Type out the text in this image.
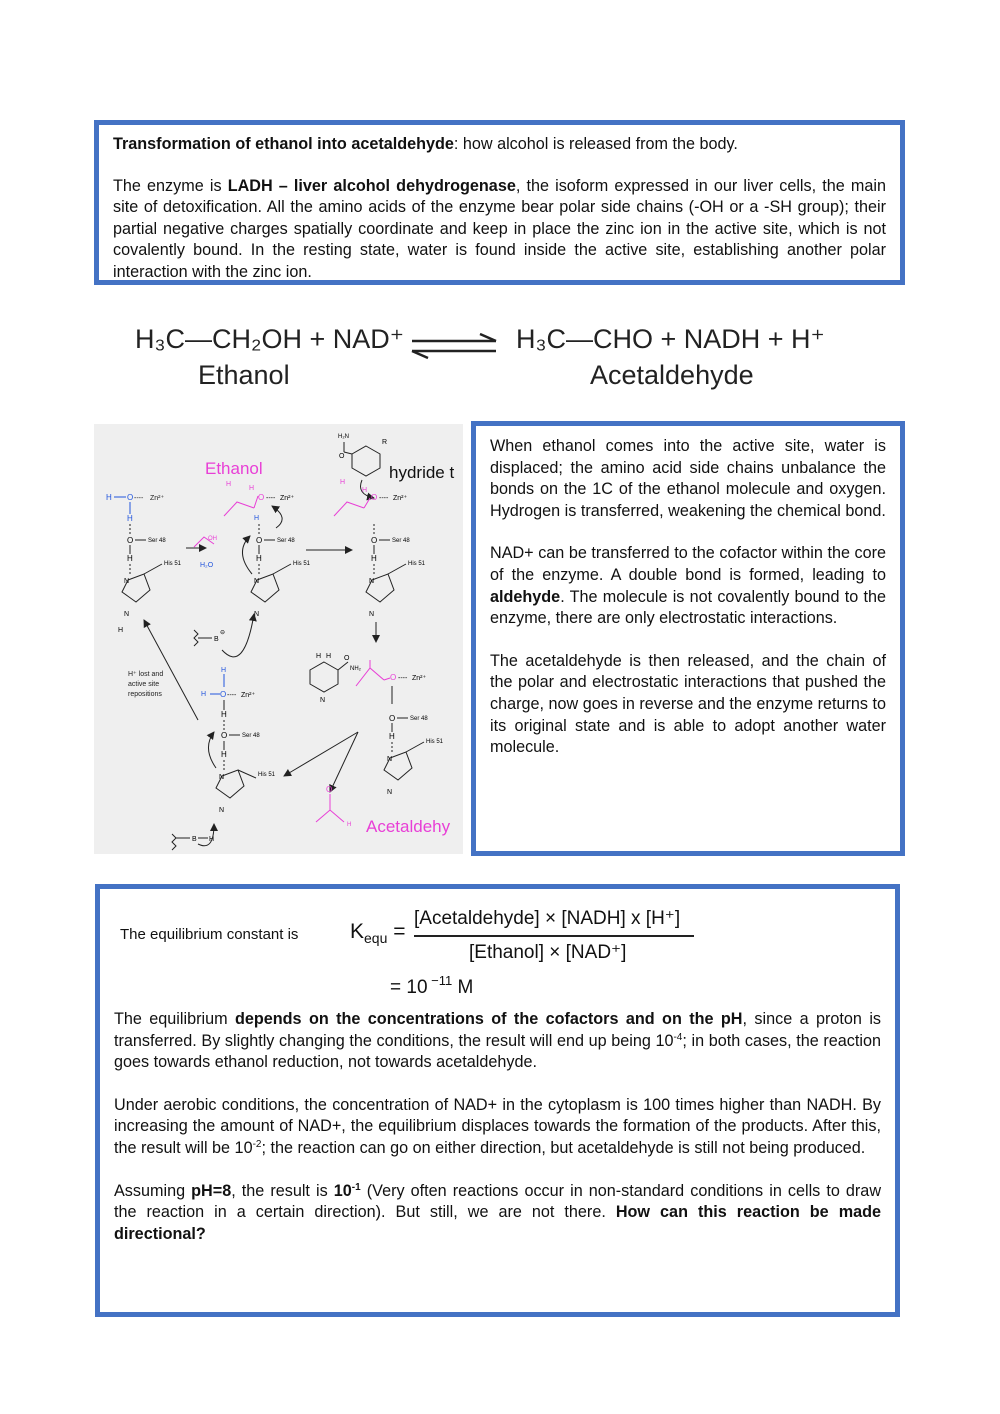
Transformation of ethanol into acetaldehyde: how alcohol is released from the body.

The enzyme is LADH – liver alcohol dehydrogenase, the isoform expressed in our liver cells, the main site of detoxification. All the amino acids of the enzyme bear polar side chains (-OH or a -SH group); their partial negative charges spatially coordinate and keep in place the zinc ion in the active site, which is not covalently bound. In the resting state, water is found inside the active site, establishing another polar interaction with the zinc ion.

H₃C—CH₂OH + NAD⁺	H₃C—CHO + NADH + H⁺
Ethanol	Acetaldehyde
Ethanol	hydride t
Acetaldehy
H O ---- Zn²⁺
H
O Ser 48
H
N
N
H
His 51
OH
H₂O
H
H
O ---- Zn²⁺
H
O Ser 48
H
N
N
His 51
B
⊖
H₂N
O
R
H
H
O ---- Zn²⁺
O Ser 48
H
N
N
His 51
H H O
NH₂
N
O ---- Zn²⁺
O Ser 48
H
N
N
His 51
O
H
H O ---- Zn²⁺
H
H
O Ser 48
H
N
N
His 51
B H
H⁺ lost and
active site
repositions

When ethanol comes into the active site, water is displaced; the amino acid side chains unbalance the bonds on the 1C of the ethanol molecule and oxygen. Hydrogen is transferred, weakening the chemical bond.

NAD+ can be transferred to the cofactor within the core of the enzyme. A double bond is formed, leading to aldehyde. The molecule is not covalently bound to the enzyme, there are only electrostatic interactions.

The acetaldehyde is then released, and the chain of the polar and electrostatic interactions that pushed the charge, now goes in reverse and the enzyme returns to its original state and is able to adopt another water molecule.

The equilibrium constant is $K_{equ}$ =
[Acetaldehyde] × [NADH] x [H⁺]
[Ethanol] × [NAD⁺]
= 10 $^{-11}$ M

The equilibrium depends on the concentrations of the cofactors and on the pH, since a proton is transferred. By slightly changing the conditions, the result will end up being $10^{-4}$; in both cases, the reaction goes towards ethanol reduction, not towards acetaldehyde.

Under aerobic conditions, the concentration of NAD+ in the cytoplasm is 100 times higher than NADH. By increasing the amount of NAD+, the equilibrium displaces towards the formation of the products. After this, the result will be $10^{-2}$; the reaction can go on either direction, but acetaldehyde is still not being produced.

Assuming pH=8, the result is $10^{-1}$ (Very often reactions occur in non-standard conditions in cells to draw the reaction in a certain direction). But still, we are not there. How can this reaction be made directional?
